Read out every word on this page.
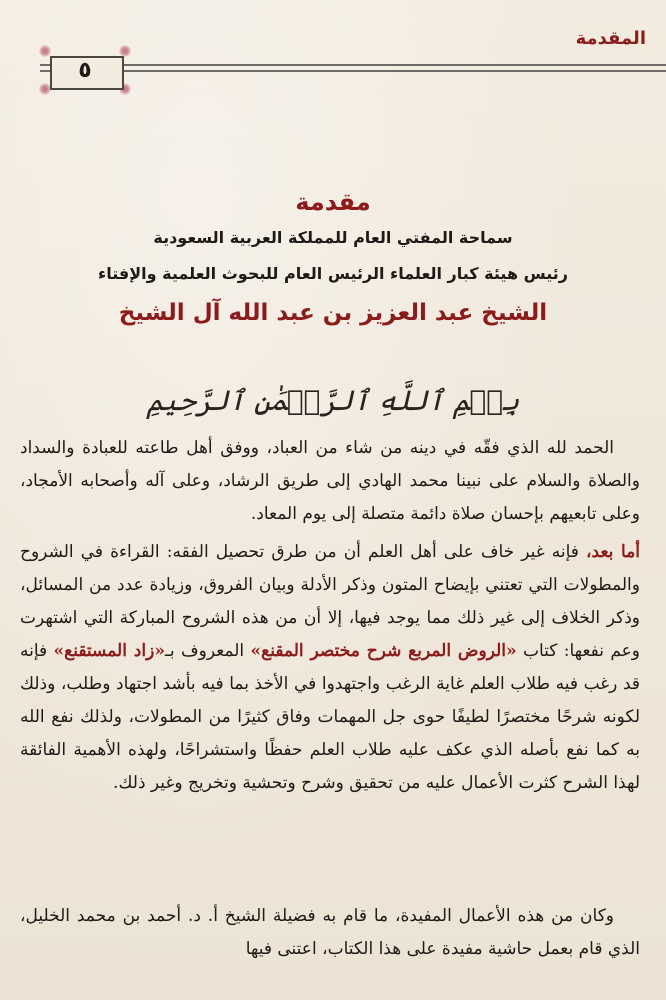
المقدمة
٥
مقدمة
سماحة المفتي العام للمملكة العربية السعودية
رئيس هيئة كبار العلماء الرئيس العام للبحوث العلمية والإفتاء
الشيخ عبد العزيز بن عبد الله آل الشيخ
بِسۡمِ ٱللَّهِ ٱلرَّحۡمَٰنِ ٱلرَّحِيمِ
الحمد لله الذي فقّه في دينه من شاء من العباد، ووفق أهل طاعته للعبادة والسداد والصلاة والسلام على نبينا محمد الهادي إلى طريق الرشاد، وعلى آله وأصحابه الأمجاد، وعلى تابعيهم بإحسان صلاة دائمة متصلة إلى يوم المعاد.
أما بعد، فإنه غير خاف على أهل العلم أن من طرق تحصيل الفقه: القراءة في الشروح والمطولات التي تعتني بإيضاح المتون وذكر الأدلة وبيان الفروق، وزيادة عدد من المسائل، وذكر الخلاف إلى غير ذلك مما يوجد فيها، إلا أن من هذه الشروح المباركة التي اشتهرت وعم نفعها: كتاب «الروض المربع شرح مختصر المقنع» المعروف بـ«زاد المستقنع» فإنه قد رغب فيه طلاب العلم غاية الرغب واجتهدوا في الأخذ بما فيه بأشد اجتهاد وطلب، وذلك لكونه شرحًا مختصرًا لطيفًا حوى جل المهمات وفاق كثيرًا من المطولات، ولذلك نفع الله به كما نفع بأصله الذي عكف عليه طلاب العلم حفظًا واستشراحًا، ولهذه الأهمية الفائقة لهذا الشرح كثرت الأعمال عليه من تحقيق وشرح وتحشية وتخريج وغير ذلك.
وكان من هذه الأعمال المفيدة، ما قام به فضيلة الشيخ أ. د. أحمد بن محمد الخليل، الذي قام بعمل حاشية مفيدة على هذا الكتاب، اعتنى فيها
